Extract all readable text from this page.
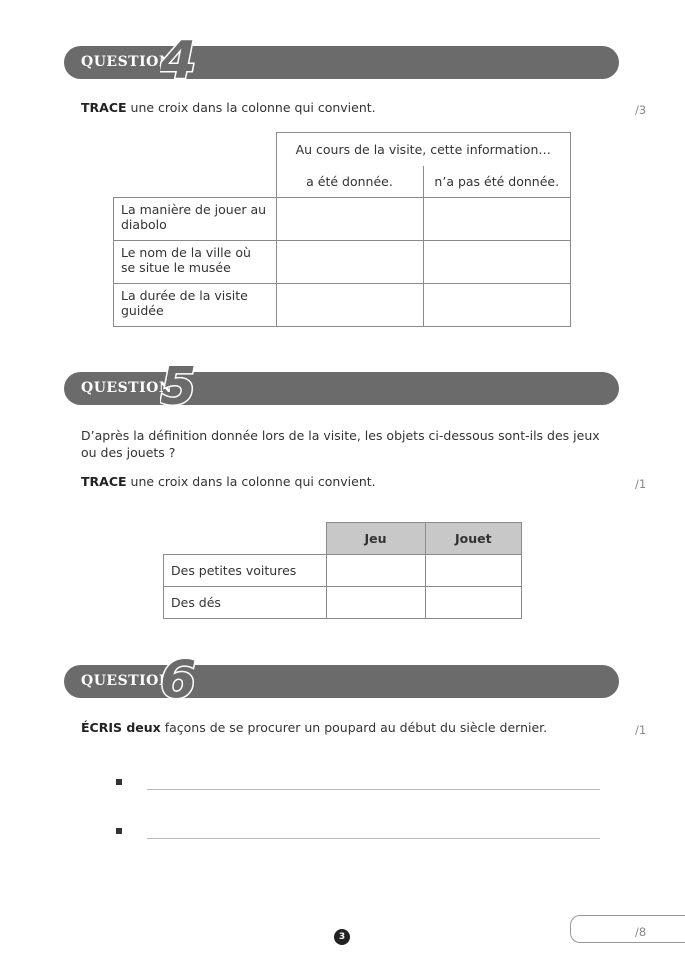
QUESTION
4
TRACE une croix dans la colonne qui convient.	/3
	Au cours de la visite, cette information…	
	a été donnée.	n’a pas été donnée.
La manière de jouer au diabolo		
Le nom de la ville où se situe le musée		
La durée de la visite guidée		
QUESTION
5
D’après la définition donnée lors de la visite, les objets ci-dessous sont-ils des jeux ou des jouets ?
TRACE une croix dans la colonne qui convient.	/1
	Jeu	Jouet
Des petites voitures		
Des dés		
QUESTION
6
ÉCRIS deux façons de se procurer un poupard au début du siècle dernier.	/1
3	/8
